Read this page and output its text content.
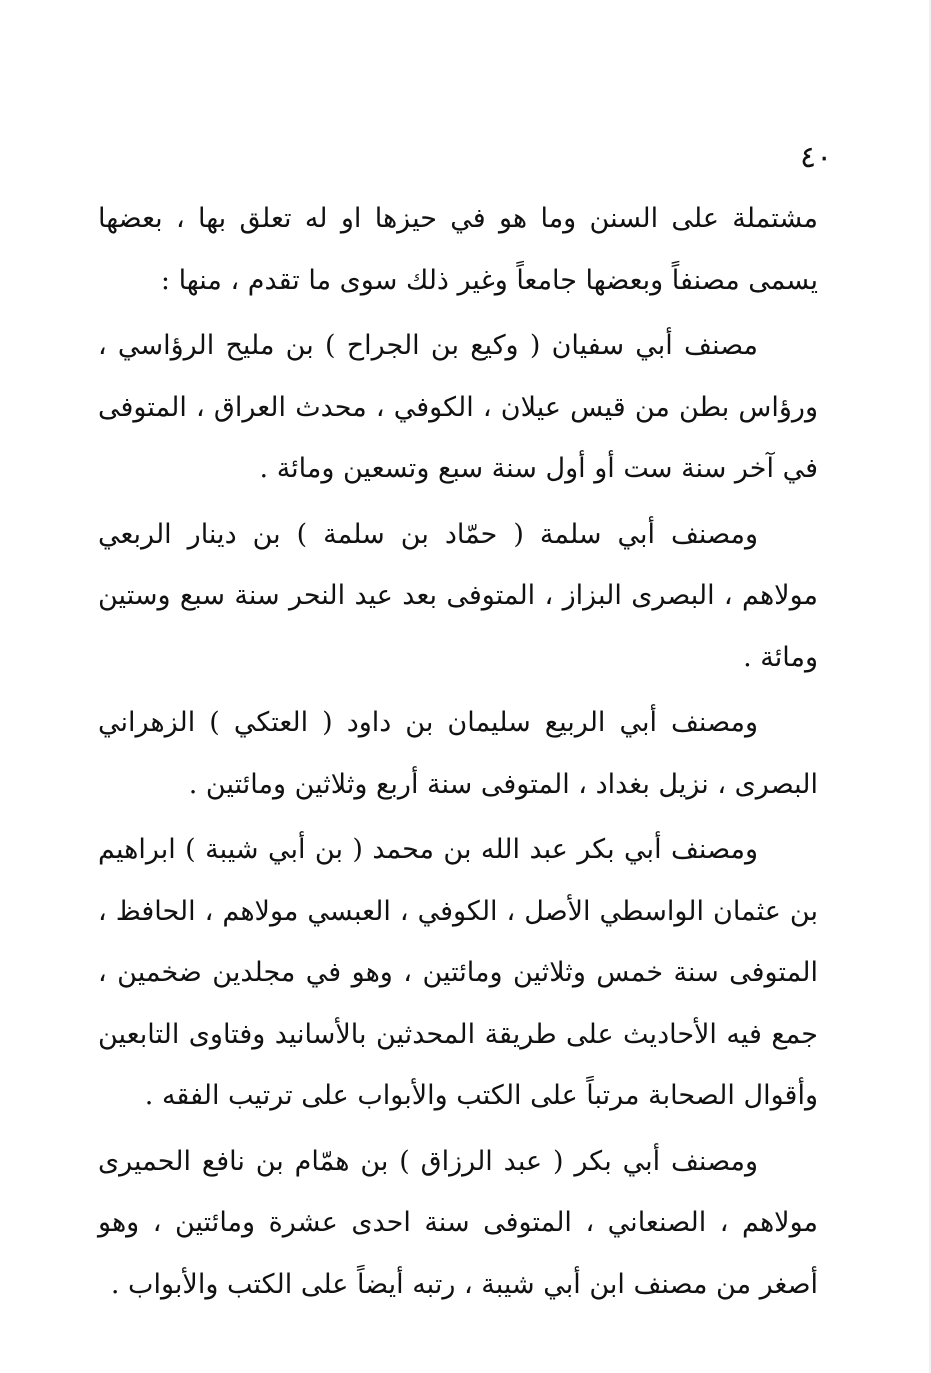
٤٠

مشتملة على السنن وما هو في حيزها او له تعلق بها ، بعضها يسمى مصنفاً وبعضها جامعاً وغير ذلك سوى ما تقدم ، منها :

مصنف أبي سفيان ( وكيع بن الجراح ) بن مليح الرؤاسي ، ورؤاس بطن من قيس عيلان ، الكوفي ، محدث العراق ، المتوفى في آخر سنة ست أو أول سنة سبع وتسعين ومائة .

ومصنف أبي سلمة ( حمّاد بن سلمة ) بن دينار الربعي مولاهم ، البصرى البزاز ، المتوفى بعد عيد النحر سنة سبع وستين ومائة .

ومصنف أبي الربيع سليمان بن داود ( العتكي ) الزهراني البصرى ، نزيل بغداد ، المتوفى سنة أربع وثلاثين ومائتين .

ومصنف أبي بكر عبد الله بن محمد ( بن أبي شيبة ) ابراهيم بن عثمان الواسطي الأصل ، الكوفي ، العبسي مولاهم ، الحافظ ، المتوفى سنة خمس وثلاثين ومائتين ، وهو في مجلدين ضخمين ، جمع فيه الأحاديث على طريقة المحدثين بالأسانيد وفتاوى التابعين وأقوال الصحابة مرتباً على الكتب والأبواب على ترتيب الفقه .

ومصنف أبي بكر ( عبد الرزاق ) بن همّام بن نافع الحميرى مولاهم ، الصنعاني ، المتوفى سنة احدى عشرة ومائتين ، وهو أصغر من مصنف ابن أبي شيبة ، رتبه أيضاً على الكتب والأبواب .
